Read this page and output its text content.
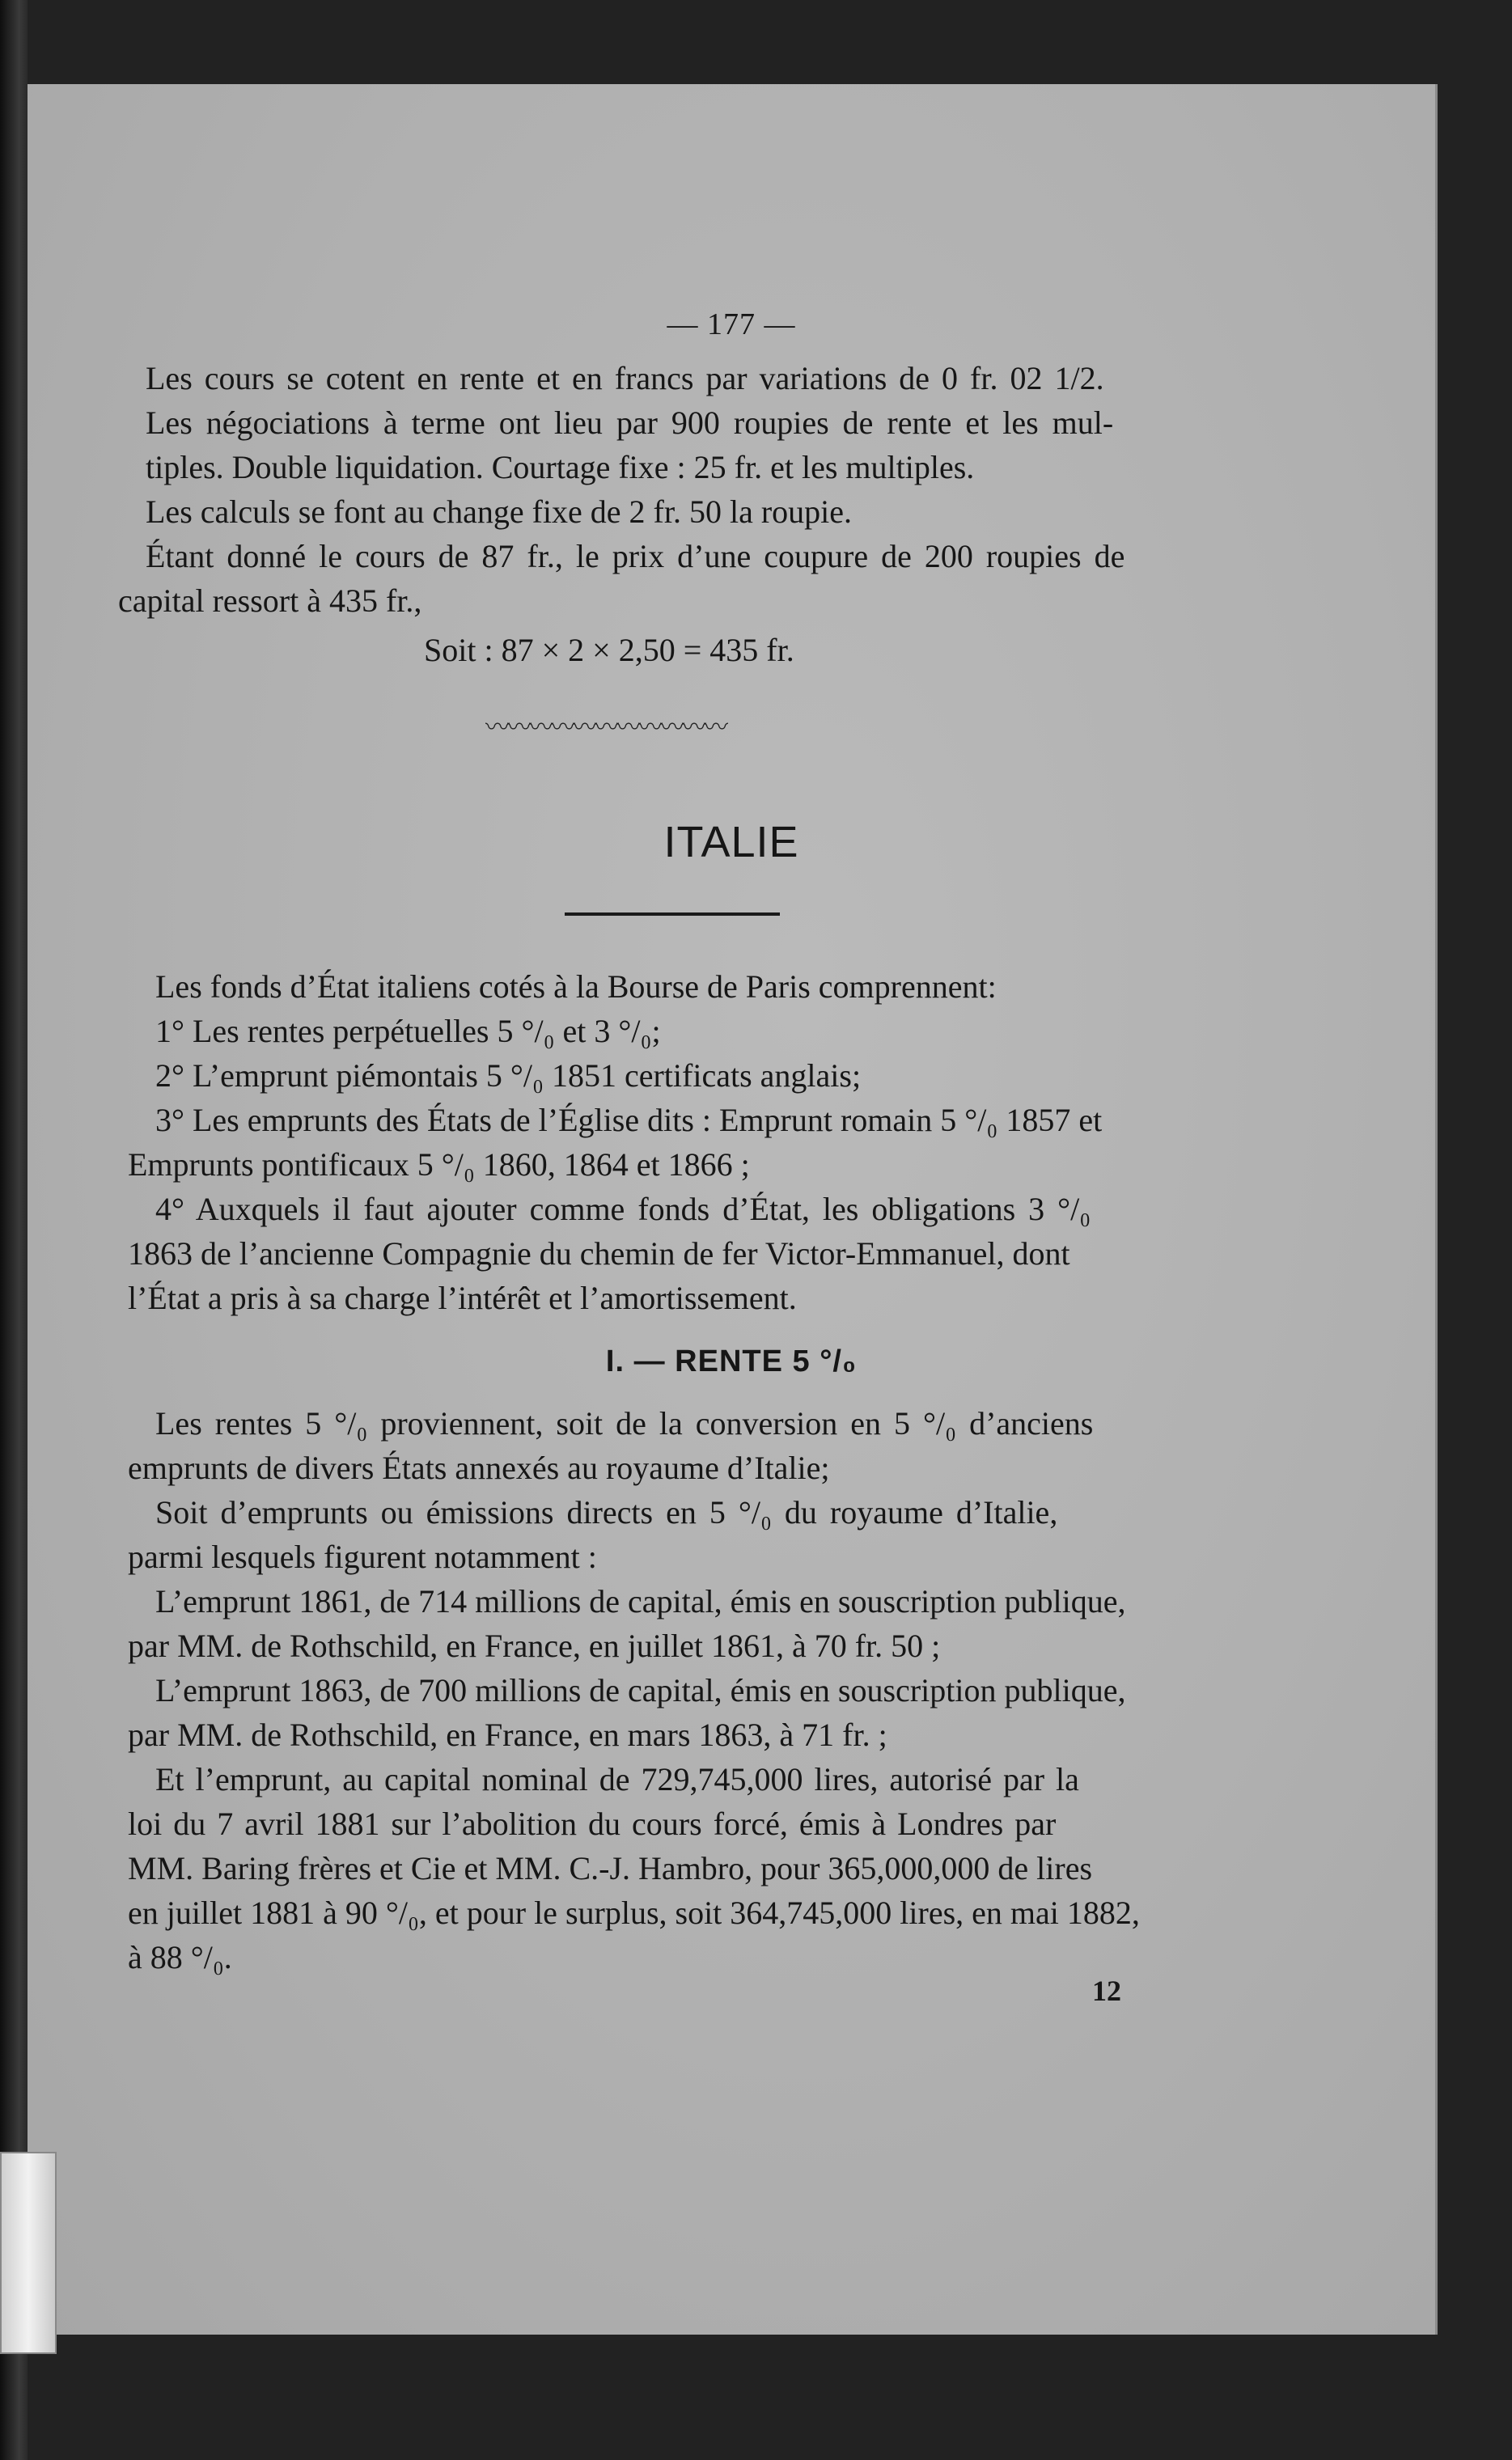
— 177 —
Les cours se cotent en rente et en francs par variations de 0 fr. 02 1/2.
Les négociations à terme ont lieu par 900 roupies de rente et les mul-
tiples. Double liquidation. Courtage fixe : 25 fr. et les multiples.
Les calculs se font au change fixe de 2 fr. 50 la roupie.
Étant donné le cours de 87 fr., le prix d’une coupure de 200 roupies de
capital ressort à 435 fr.,
Soit : 87 × 2 × 2,50 = 435 fr.
〰〰〰〰〰〰〰〰〰〰〰
ITALIE
Les fonds d’État italiens cotés à la Bourse de Paris comprennent:
1° Les rentes perpétuelles 5 °/₀ et 3 °/₀;
2° L’emprunt piémontais 5 °/₀ 1851 certificats anglais;
3° Les emprunts des États de l’Église dits : Emprunt romain 5 °/₀ 1857 et
Emprunts pontificaux 5 °/₀ 1860, 1864 et 1866 ;
4° Auxquels il faut ajouter comme fonds d’État, les obligations 3 °/₀
1863 de l’ancienne Compagnie du chemin de fer Victor-Emmanuel, dont
l’État a pris à sa charge l’intérêt et l’amortissement.
I. — RENTE 5 °/₀
Les rentes 5 °/₀ proviennent, soit de la conversion en 5 °/₀ d’anciens
emprunts de divers États annexés au royaume d’Italie;
Soit d’emprunts ou émissions directs en 5 °/₀ du royaume d’Italie,
parmi lesquels figurent notamment :
L’emprunt 1861, de 714 millions de capital, émis en souscription publique,
par MM. de Rothschild, en France, en juillet 1861, à 70 fr. 50 ;
L’emprunt 1863, de 700 millions de capital, émis en souscription publique,
par MM. de Rothschild, en France, en mars 1863, à 71 fr. ;
Et l’emprunt, au capital nominal de 729,745,000 lires, autorisé par la
loi du 7 avril 1881 sur l’abolition du cours forcé, émis à Londres par
MM. Baring frères et Cie et MM. C.-J. Hambro, pour 365,000,000 de lires
en juillet 1881 à 90 °/₀, et pour le surplus, soit 364,745,000 lires, en mai 1882,
à 88 °/₀.
12
